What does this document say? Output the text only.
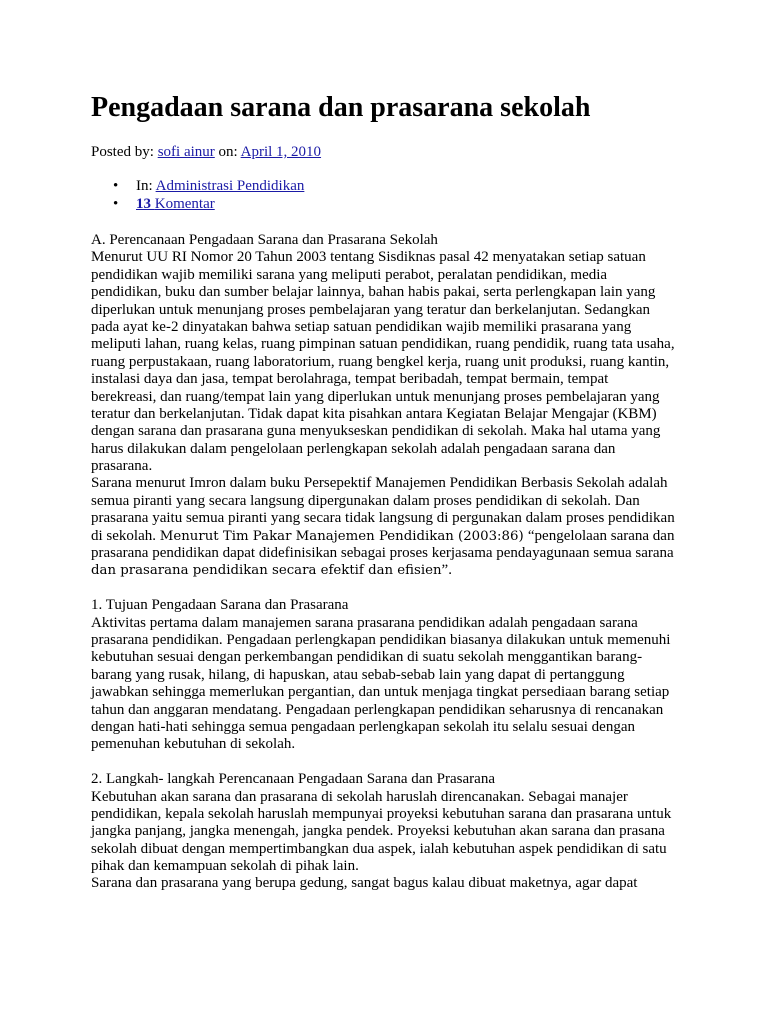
Pengadaan sarana dan prasarana sekolah
Posted by: sofi ainur on: April 1, 2010
• In: Administrasi Pendidikan
• 13 Komentar
A. Perencanaan Pengadaan Sarana dan Prasarana Sekolah
Menurut UU RI Nomor 20 Tahun 2003 tentang Sisdiknas pasal 42 menyatakan setiap satuan
pendidikan wajib memiliki sarana yang meliputi perabot, peralatan pendidikan, media
pendidikan, buku dan sumber belajar lainnya, bahan habis pakai, serta perlengkapan lain yang
diperlukan untuk menunjang proses pembelajaran yang teratur dan berkelanjutan. Sedangkan
pada ayat ke-2 dinyatakan bahwa setiap satuan pendidikan wajib memiliki prasarana yang
meliputi lahan, ruang kelas, ruang pimpinan satuan pendidikan, ruang pendidik, ruang tata usaha,
ruang perpustakaan, ruang laboratorium, ruang bengkel kerja, ruang unit produksi, ruang kantin,
instalasi daya dan jasa, tempat berolahraga, tempat beribadah, tempat bermain, tempat
berekreasi, dan ruang/tempat lain yang diperlukan untuk menunjang proses pembelajaran yang
teratur dan berkelanjutan. Tidak dapat kita pisahkan antara Kegiatan Belajar Mengajar (KBM)
dengan sarana dan prasarana guna menyukseskan pendidikan di sekolah. Maka hal utama yang
harus dilakukan dalam pengelolaan perlengkapan sekolah adalah pengadaan sarana dan
prasarana.
Sarana menurut Imron dalam buku Persepektif Manajemen Pendidikan Berbasis Sekolah adalah
semua piranti yang secara langsung dipergunakan dalam proses pendidikan di sekolah. Dan
prasarana yaitu semua piranti yang secara tidak langsung di pergunakan dalam proses pendidikan
di sekolah. Menurut Tim Pakar Manajemen Pendidikan (2003:86) “pengelolaan sarana dan
prasarana pendidikan dapat didefinisikan sebagai proses kerjasama pendayagunaan semua sarana
dan prasarana pendidikan secara efektif dan efisien”.
1. Tujuan Pengadaan Sarana dan Prasarana
Aktivitas pertama dalam manajemen sarana prasarana pendidikan adalah pengadaan sarana
prasarana pendidikan. Pengadaan perlengkapan pendidikan biasanya dilakukan untuk memenuhi
kebutuhan sesuai dengan perkembangan pendidikan di suatu sekolah menggantikan barang-
barang yang rusak, hilang, di hapuskan, atau sebab-sebab lain yang dapat di pertanggung
jawabkan sehingga memerlukan pergantian, dan untuk menjaga tingkat persediaan barang setiap
tahun dan anggaran mendatang. Pengadaan perlengkapan pendidikan seharusnya di rencanakan
dengan hati-hati sehingga semua pengadaan perlengkapan sekolah itu selalu sesuai dengan
pemenuhan kebutuhan di sekolah.
2. Langkah- langkah Perencanaan Pengadaan Sarana dan Prasarana
Kebutuhan akan sarana dan prasarana di sekolah haruslah direncanakan. Sebagai manajer
pendidikan, kepala sekolah haruslah mempunyai proyeksi kebutuhan sarana dan prasarana untuk
jangka panjang, jangka menengah, jangka pendek. Proyeksi kebutuhan akan sarana dan prasana
sekolah dibuat dengan mempertimbangkan dua aspek, ialah kebutuhan aspek pendidikan di satu
pihak dan kemampuan sekolah di pihak lain.
Sarana dan prasarana yang berupa gedung, sangat bagus kalau dibuat maketnya, agar dapat
